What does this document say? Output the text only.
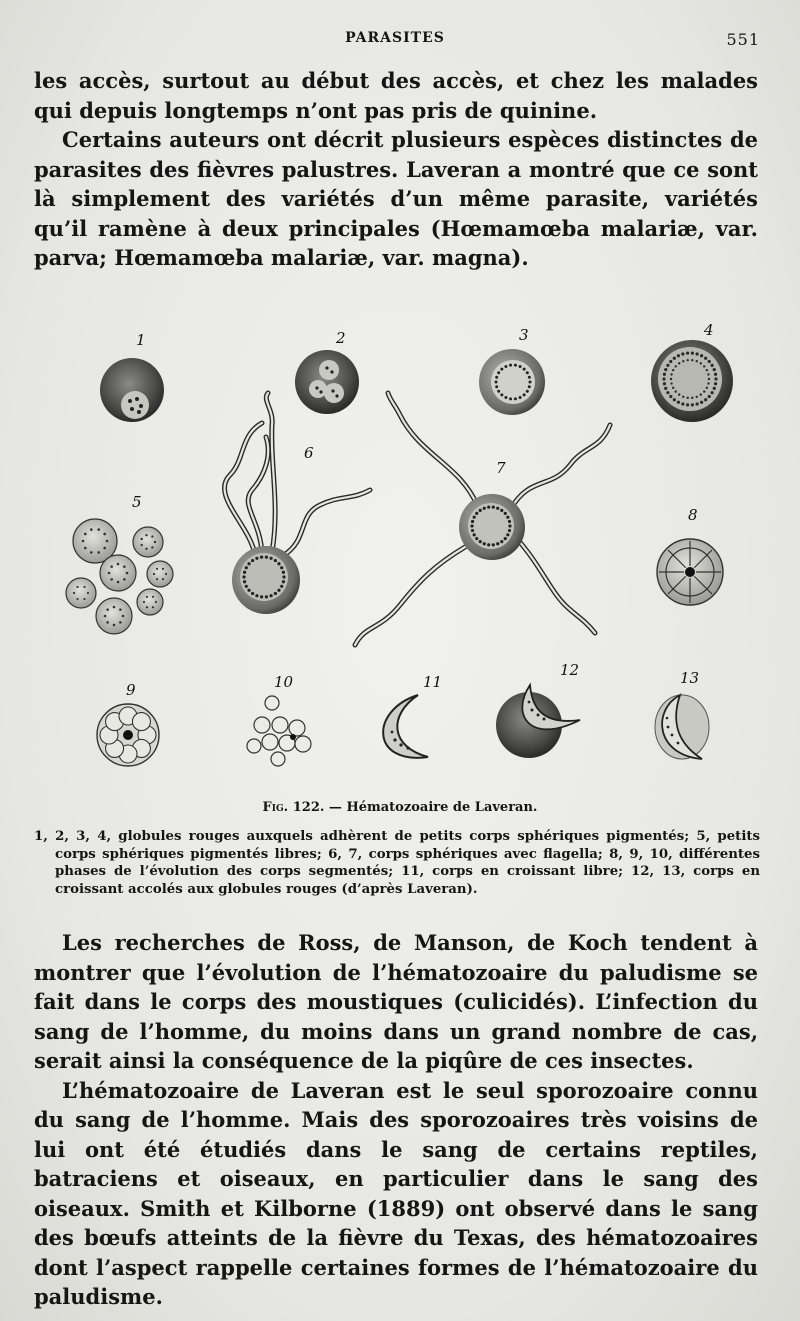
PARASITES	551

les accès, surtout au début des accès, et chez les malades qui depuis longtemps n’ont pas pris de quinine.

Certains auteurs ont décrit plusieurs espèces distinctes de parasites des fièvres palustres. Laveran a montré que ce sont là simplement des variétés d’un même parasite, variétés qu’il ramène à deux principales (Hœmamœba malariæ, var. parva; Hœmamœba malariæ, var. magna).

1	2	3	4
5
6
7
8
9	10	11
12	13
Fig. 122. — Hématozoaire de Laveran.

1, 2, 3, 4, globules rouges auxquels adhèrent de petits corps sphériques pigmentés; 5, petits corps sphériques pigmentés libres; 6, 7, corps sphériques avec flagella; 8, 9, 10, différentes phases de l’évolution des corps segmentés; 11, corps en croissant libre; 12, 13, corps en croissant accolés aux globules rouges (d’après Laveran).

Les recherches de Ross, de Manson, de Koch tendent à montrer que l’évolution de l’hématozoaire du paludisme se fait dans le corps des moustiques (culicidés). L’infection du sang de l’homme, du moins dans un grand nombre de cas, serait ainsi la conséquence de la piqûre de ces insectes.

L’hématozoaire de Laveran est le seul sporozoaire connu du sang de l’homme. Mais des sporozoaires très voisins de lui ont été étudiés dans le sang de certains reptiles, batraciens et oiseaux, en particulier dans le sang des oiseaux. Smith et Kilborne (1889) ont observé dans le sang des bœufs atteints de la fièvre du Texas, des hématozoaires dont l’aspect rappelle certaines formes de l’hématozoaire du paludisme.
